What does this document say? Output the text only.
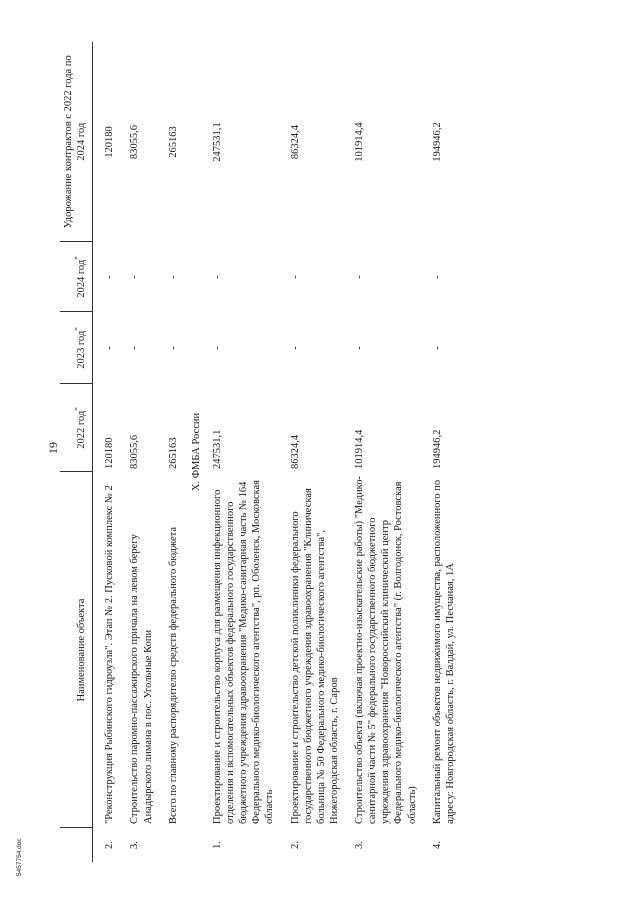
19
	Наименование объекта	2022 год*	2023 год*	2024 год*	Удорожание контрактов с 2022 года по 2024 год
2.	"Реконструкция Рыбинского гидроузла". Этап № 2. Пусковой комплекс № 2	120180	-	-	120180
3.	Строительство паромно-пассажирского причала на левом берегу Анадырского лимана в пос. Угольные Копи	83055,6	-	-	83055,6
	Всего по главному распорядителю средств федерального бюджета	265163	-	-	265163
X. ФМБА России					
1.	Проектирование и строительство корпуса для размещения инфекционного отделения и вспомогательных объектов федерального государственного бюджетного учреждения здравоохранения "Медико-санитарная часть № 164 Федерального медико-биологического агентства", рп. Оболенск, Московская область	247531,1	-	-	247531,1
2.	Проектирование и строительство детской поликлиники федерального государственного бюджетного учреждения здравоохранения "Клиническая больница № 50 Федерального медико-биологического агентства", Нижегородская область, г. Саров	86324,4	-	-	86324,4
3.	Строительство объекта (включая проектно-изыскательские работы) "Медико-санитарной части № 5" федерального государственного бюджетного учреждения здравоохранения "Новороссийский клинический центр Федерального медико-биологического агентства" (г. Волгодонск, Ростовская область)	101914,4	-	-	101914,4
4.	Капитальный ремонт объектов недвижимого имущества, расположенного по адресу: Новгородская область, г. Валдай, ул. Песчаная, 1А	194946,2	-	-	194946,2
5457754.doc
